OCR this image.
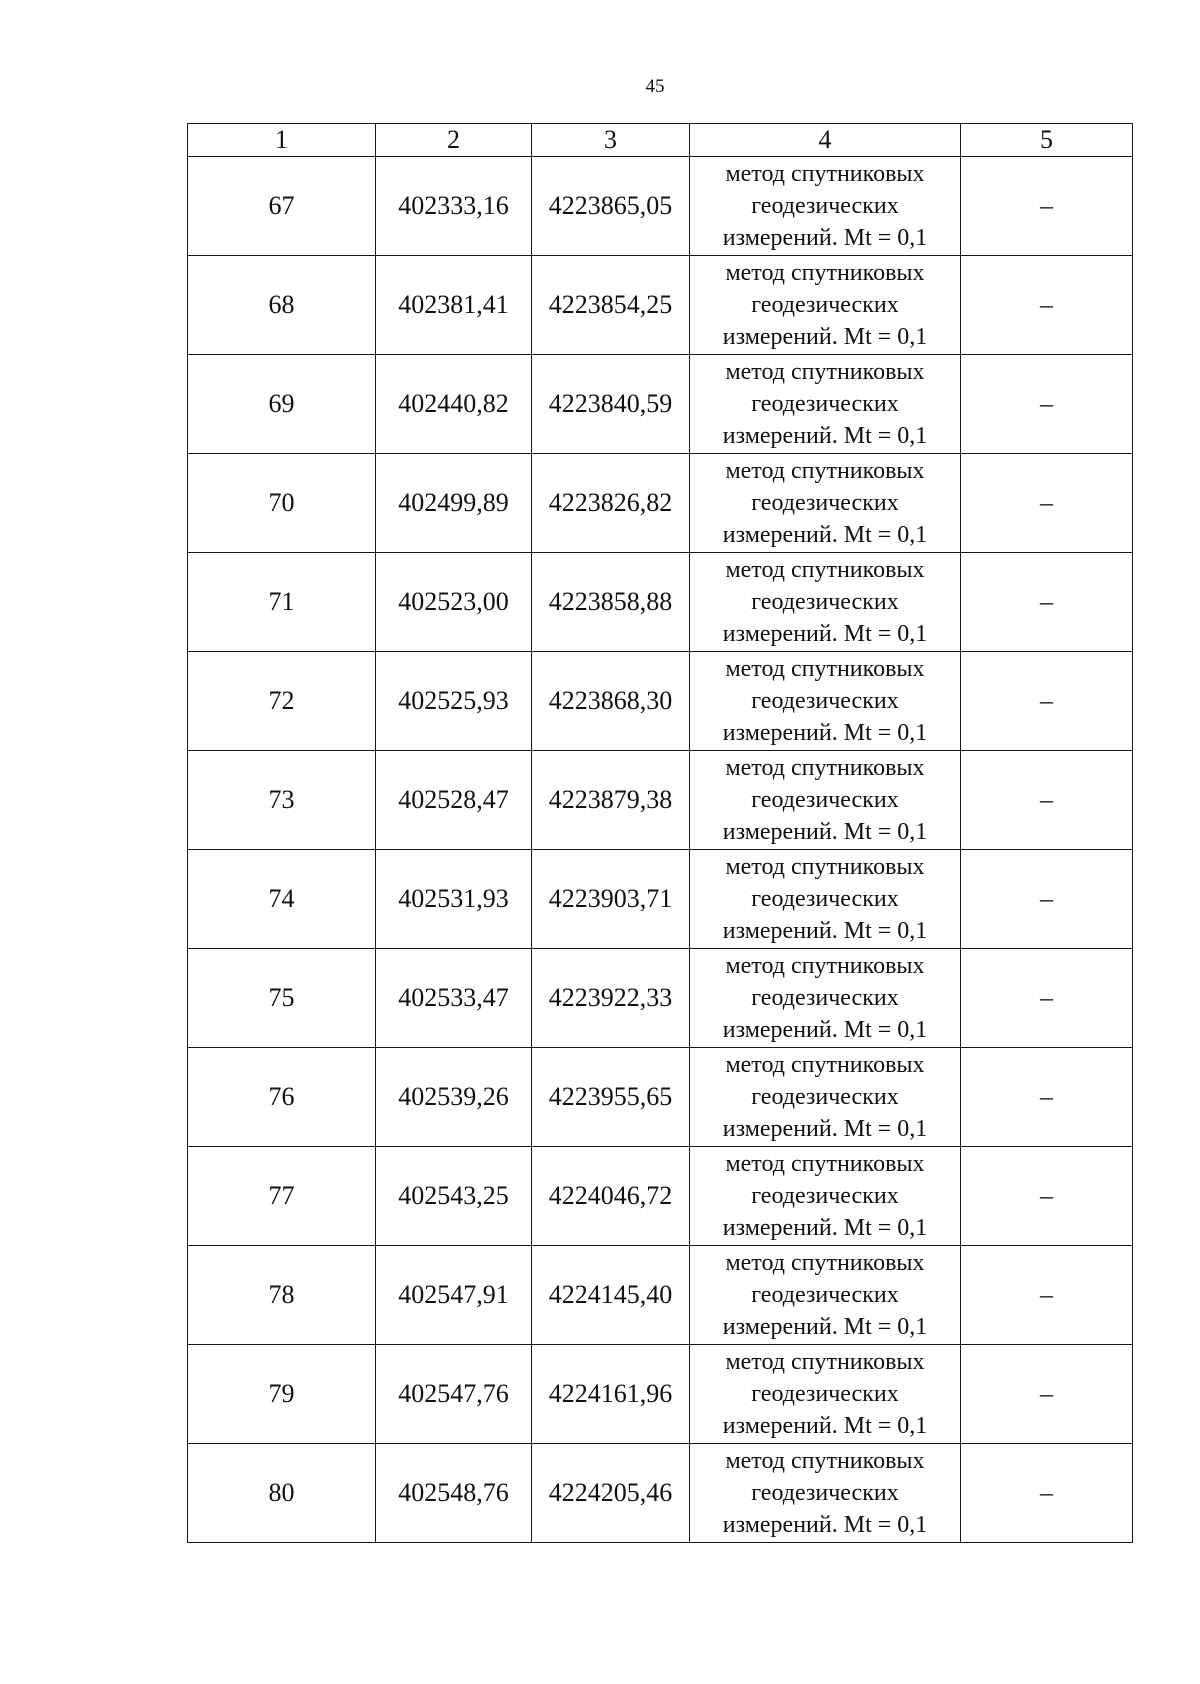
45
1	2	3	4	5
67	402333,16	4223865,05	метод спутниковых
геодезических
измерений. Mt = 0,1	–
68	402381,41	4223854,25	метод спутниковых
геодезических
измерений. Mt = 0,1	–
69	402440,82	4223840,59	метод спутниковых
геодезических
измерений. Mt = 0,1	–
70	402499,89	4223826,82	метод спутниковых
геодезических
измерений. Mt = 0,1	–
71	402523,00	4223858,88	метод спутниковых
геодезических
измерений. Mt = 0,1	–
72	402525,93	4223868,30	метод спутниковых
геодезических
измерений. Mt = 0,1	–
73	402528,47	4223879,38	метод спутниковых
геодезических
измерений. Mt = 0,1	–
74	402531,93	4223903,71	метод спутниковых
геодезических
измерений. Mt = 0,1	–
75	402533,47	4223922,33	метод спутниковых
геодезических
измерений. Mt = 0,1	–
76	402539,26	4223955,65	метод спутниковых
геодезических
измерений. Mt = 0,1	–
77	402543,25	4224046,72	метод спутниковых
геодезических
измерений. Mt = 0,1	–
78	402547,91	4224145,40	метод спутниковых
геодезических
измерений. Mt = 0,1	–
79	402547,76	4224161,96	метод спутниковых
геодезических
измерений. Mt = 0,1	–
80	402548,76	4224205,46	метод спутниковых
геодезических
измерений. Mt = 0,1	–
